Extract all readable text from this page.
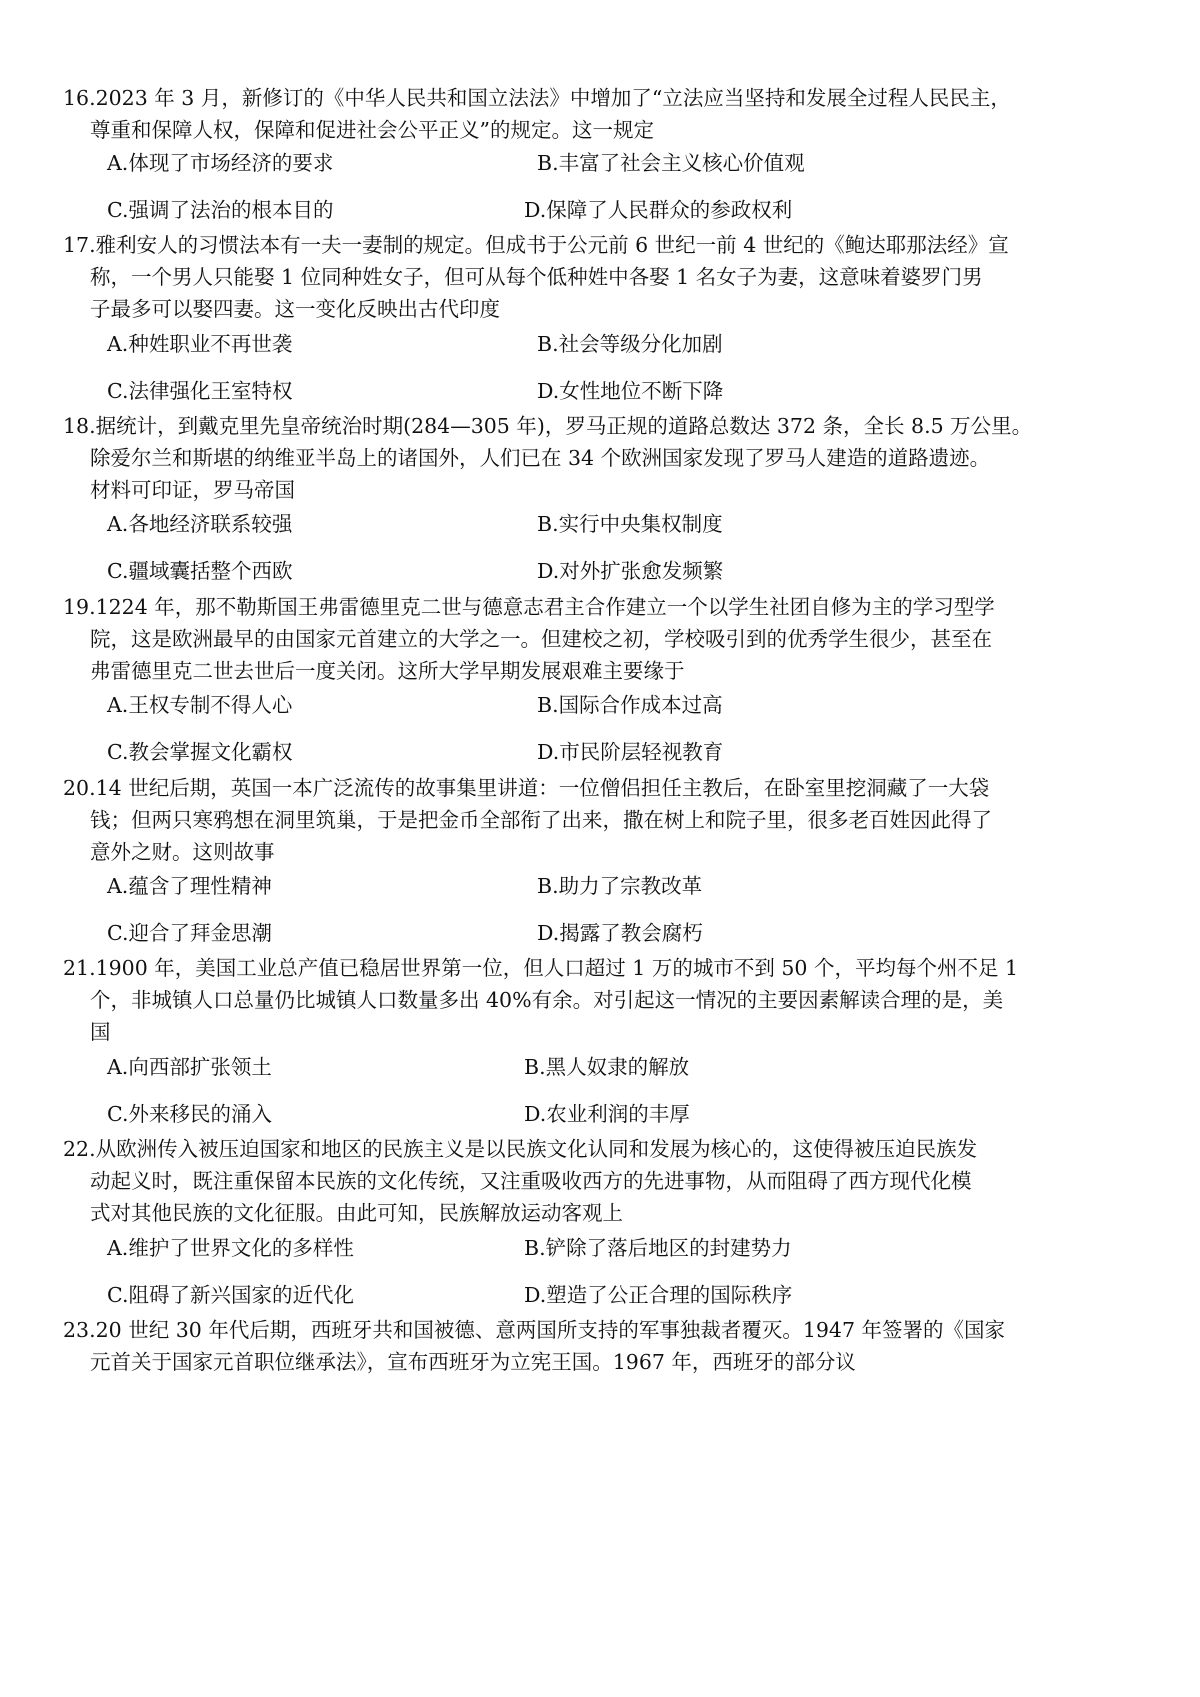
16.2023 年 3 月，新修订的《中华人民共和国立法法》中增加了“立法应当坚持和发展全过程人民民主，
尊重和保障人权，保障和促进社会公平正义”的规定。这一规定
A.体现了市场经济的要求	B.丰富了社会主义核心价值观
C.强调了法治的根本目的	D.保障了人民群众的参政权利
17.雅利安人的习惯法本有一夫一妻制的规定。但成书于公元前 6 世纪一前 4 世纪的《鲍达耶那法经》宣
称，一个男人只能娶 1 位同种姓女子，但可从每个低种姓中各娶 1 名女子为妻，这意味着婆罗门男
子最多可以娶四妻。这一变化反映出古代印度
A.种姓职业不再世袭	B.社会等级分化加剧
C.法律强化王室特权	D.女性地位不断下降
18.据统计，到戴克里先皇帝统治时期(284—305 年)，罗马正规的道路总数达 372 条，全长 8.5 万公里。
除爱尔兰和斯堪的纳维亚半岛上的诸国外，人们已在 34 个欧洲国家发现了罗马人建造的道路遗迹。
材料可印证，罗马帝国
A.各地经济联系较强	B.实行中央集权制度
C.疆域囊括整个西欧	D.对外扩张愈发频繁
19.1224 年，那不勒斯国王弗雷德里克二世与德意志君主合作建立一个以学生社团自修为主的学习型学
院，这是欧洲最早的由国家元首建立的大学之一。但建校之初，学校吸引到的优秀学生很少，甚至在
弗雷德里克二世去世后一度关闭。这所大学早期发展艰难主要缘于
A.王权专制不得人心	B.国际合作成本过高
C.教会掌握文化霸权	D.市民阶层轻视教育
20.14 世纪后期，英国一本广泛流传的故事集里讲道：一位僧侣担任主教后，在卧室里挖洞藏了一大袋
钱；但两只寒鸦想在洞里筑巢，于是把金币全部衔了出来，撒在树上和院子里，很多老百姓因此得了
意外之财。这则故事
A.蕴含了理性精神	B.助力了宗教改革
C.迎合了拜金思潮	D.揭露了教会腐朽
21.1900 年，美国工业总产值已稳居世界第一位，但人口超过 1 万的城市不到 50 个，平均每个州不足 1
个，非城镇人口总量仍比城镇人口数量多出 40%有余。对引起这一情况的主要因素解读合理的是，美
国
A.向西部扩张领土	B.黑人奴隶的解放
C.外来移民的涌入	D.农业利润的丰厚
22.从欧洲传入被压迫国家和地区的民族主义是以民族文化认同和发展为核心的，这使得被压迫民族发
动起义时，既注重保留本民族的文化传统，又注重吸收西方的先进事物，从而阻碍了西方现代化模
式对其他民族的文化征服。由此可知，民族解放运动客观上
A.维护了世界文化的多样性	B.铲除了落后地区的封建势力
C.阻碍了新兴国家的近代化	D.塑造了公正合理的国际秩序
23.20 世纪 30 年代后期，西班牙共和国被德、意两国所支持的军事独裁者覆灭。1947 年签署的《国家
元首关于国家元首职位继承法》，宣布西班牙为立宪王国。1967 年，西班牙的部分议
